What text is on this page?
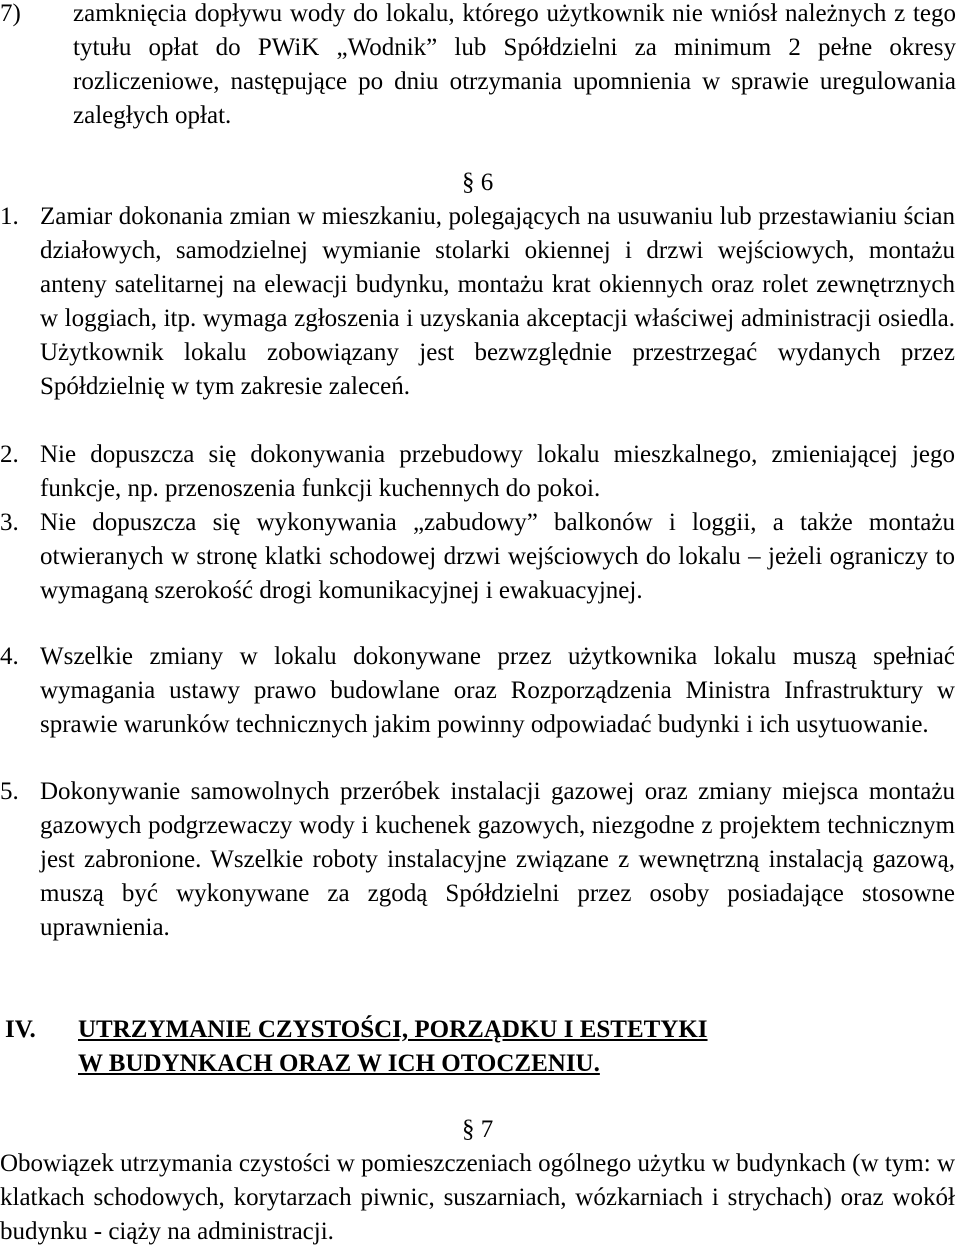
7)	zamknięcia dopływu wody do lokalu, którego użytkownik nie wniósł należnych z tego tytułu opłat do PWiK „Wodnik” lub Spółdzielni za minimum 2 pełne okresy rozliczeniowe, następujące po dniu otrzymania upomnienia w sprawie uregulowania zaległych opłat.
§ 6
1. Zamiar dokonania zmian w mieszkaniu, polegających na usuwaniu lub przestawianiu ścian działowych, samodzielnej wymianie stolarki okiennej i drzwi wejściowych, montażu anteny satelitarnej na elewacji budynku, montażu krat okiennych oraz rolet zewnętrznych w loggiach, itp. wymaga zgłoszenia i uzyskania akceptacji właściwej administracji osiedla. Użytkownik lokalu zobowiązany jest bezwzględnie przestrzegać wydanych przez Spółdzielnię w tym zakresie zaleceń.
2. Nie dopuszcza się dokonywania przebudowy lokalu mieszkalnego, zmieniającej jego funkcje, np. przenoszenia funkcji kuchennych do pokoi.
3. Nie dopuszcza się wykonywania „zabudowy” balkonów i loggii, a także montażu otwieranych w stronę klatki schodowej drzwi wejściowych do lokalu – jeżeli ograniczy to wymaganą szerokość drogi komunikacyjnej i ewakuacyjnej.
4. Wszelkie zmiany w lokalu dokonywane przez użytkownika lokalu muszą spełniać wymagania ustawy prawo budowlane oraz Rozporządzenia Ministra Infrastruktury w sprawie warunków technicznych jakim powinny odpowiadać budynki i ich usytuowanie.
5. Dokonywanie samowolnych przeróbek instalacji gazowej oraz zmiany miejsca montażu gazowych podgrzewaczy wody i kuchenek gazowych, niezgodne z projektem technicznym jest zabronione. Wszelkie roboty instalacyjne związane z wewnętrzną instalacją gazową, muszą być wykonywane za zgodą Spółdzielni przez osoby posiadające stosowne uprawnienia.
IV. UTRZYMANIE CZYSTOŚCI, PORZĄDKU I ESTETYKI
W BUDYNKACH ORAZ W ICH OTOCZENIU.
§ 7
Obowiązek utrzymania czystości w pomieszczeniach ogólnego użytku w budynkach (w tym: w klatkach schodowych, korytarzach piwnic, suszarniach, wózkarniach i strychach) oraz wokół budynku - ciąży na administracji.
